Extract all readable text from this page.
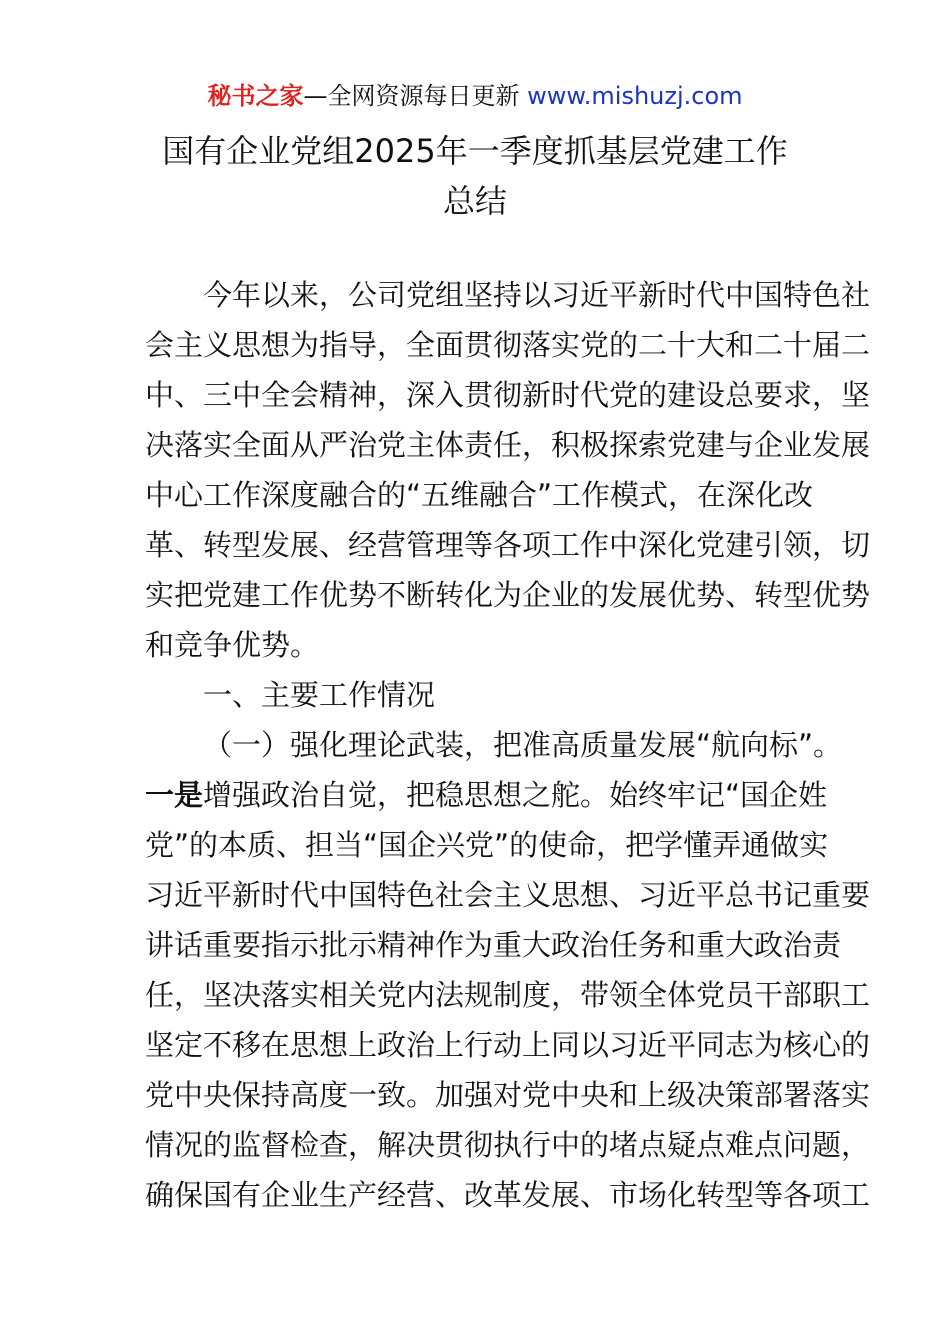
秘书之家—全网资源每日更新 www.mishuzj.com
国有企业党组2025年一季度抓基层党建工作
总结
今年以来，公司党组坚持以习近平新时代中国特色社
会主义思想为指导，全面贯彻落实党的二十大和二十届二
中、三中全会精神，深入贯彻新时代党的建设总要求，坚
决落实全面从严治党主体责任，积极探索党建与企业发展
中心工作深度融合的“五维融合”工作模式，在深化改
革、转型发展、经营管理等各项工作中深化党建引领，切
实把党建工作优势不断转化为企业的发展优势、转型优势
和竞争优势。
一、主要工作情况
（一）强化理论武装，把准高质量发展“航向标”。
一是增强政治自觉，把稳思想之舵。始终牢记“国企姓
党”的本质、担当“国企兴党”的使命，把学懂弄通做实
习近平新时代中国特色社会主义思想、习近平总书记重要
讲话重要指示批示精神作为重大政治任务和重大政治责
任，坚决落实相关党内法规制度，带领全体党员干部职工
坚定不移在思想上政治上行动上同以习近平同志为核心的
党中央保持高度一致。加强对党中央和上级决策部署落实
情况的监督检查，解决贯彻执行中的堵点疑点难点问题，
确保国有企业生产经营、改革发展、市场化转型等各项工
